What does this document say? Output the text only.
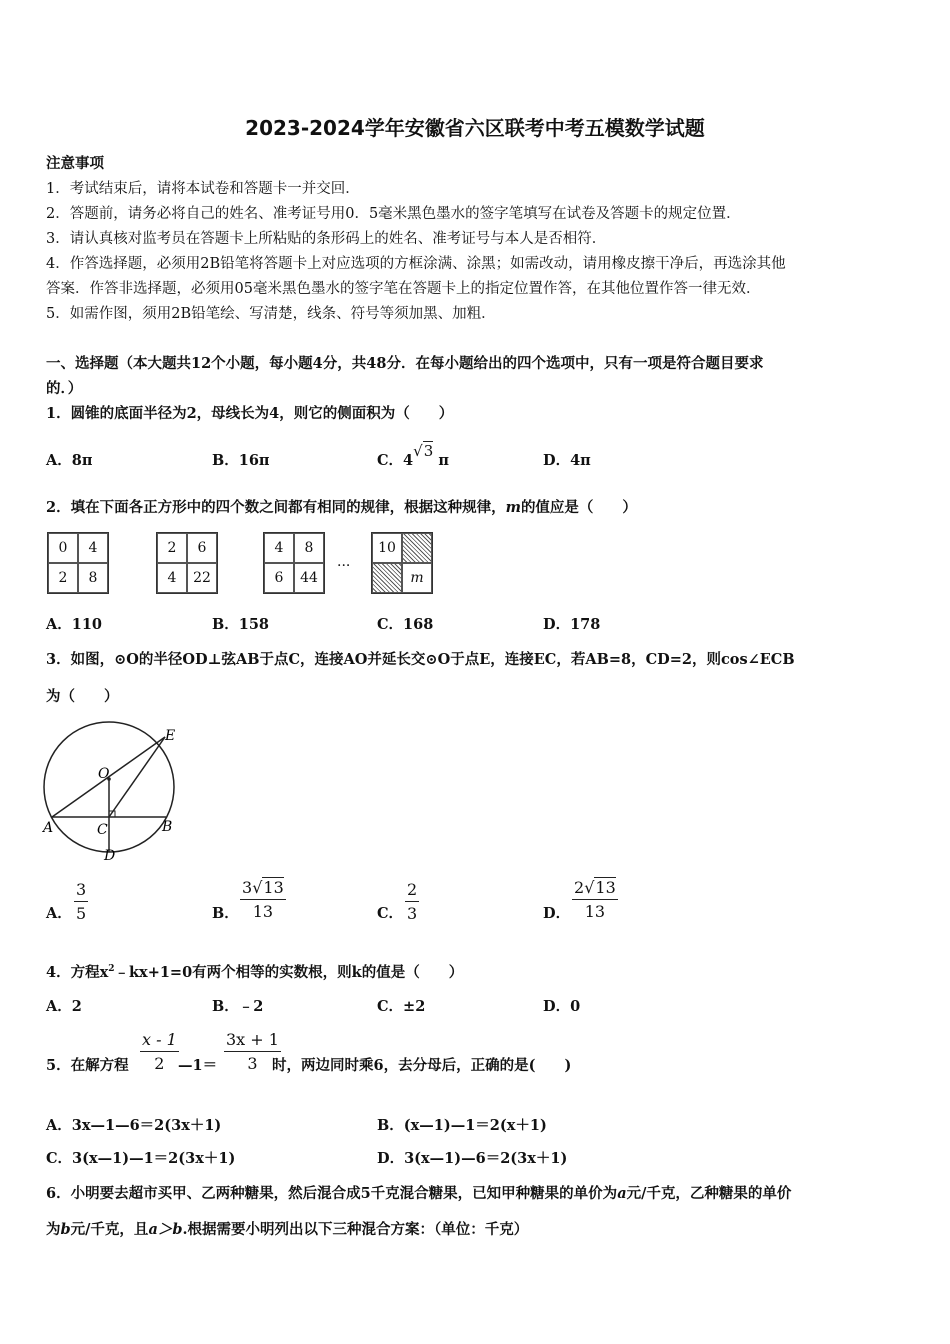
2023-2024学年安徽省六区联考中考五模数学试题
注意事项
1．考试结束后，请将本试卷和答题卡一并交回．
2．答题前，请务必将自己的姓名、准考证号用0．5毫米黑色墨水的签字笔填写在试卷及答题卡的规定位置．
3．请认真核对监考员在答题卡上所粘贴的条形码上的姓名、准考证号与本人是否相符．
4．作答选择题，必须用2B铅笔将答题卡上对应选项的方框涂满、涂黑；如需改动，请用橡皮擦干净后，再选涂其他
答案．作答非选择题，必须用05毫米黑色墨水的签字笔在答题卡上的指定位置作答，在其他位置作答一律无效．
5．如需作图，须用2B铅笔绘、写清楚，线条、符号等须加黑、加粗．
一、选择题（本大题共12个小题，每小题4分，共48分．在每小题给出的四个选项中，只有一项是符合题目要求
的．）
1．圆锥的底面半径为2，母线长为4，则它的侧面积为（　　）
A．8π	B．16π	C．4√3 π	D．4π
2．填在下面各正方形中的四个数之间都有相同的规律，根据这种规律，m的值应是（　　）
0	4
2	8
2	6
4	22
4	8
6	44
···
10
m
A．110	B．158	C．168	D．178
3．如图，⊙O的半径OD⊥弦AB于点C，连接AO并延长交⊙O于点E，连接EC，若AB=8，CD=2，则cos∠ECB
为（　　）
O
E
A	B
C
D
A． $\frac{3}{5}$	B． $\frac{3√13}{13}$	C． $\frac{2}{3}$	D． $\frac{2√13}{13}$
4．方程$x^2﹣kx+1=0$有两个相等的实数根，则k的值是（　　）
A．2	B．﹣2	C．±2	D．0
5．在解方程 $\frac{x - 1}{2}$ —1＝ $\frac{3x + 1}{3}$
时，两边同时乘6，去分母后，正确的是(　　)
A．3x—1—6＝2(3x＋1)	B．(x—1)—1＝2(x＋1)
C．3(x—1)—1＝2(3x＋1)	D．3(x—1)—6＝2(3x＋1)
6．小明要去超市买甲、乙两种糖果，然后混合成5千克混合糖果，已知甲种糖果的单价为a元/千克，乙种糖果的单价
为b元/千克，且a＞b.根据需要小明列出以下三种混合方案：（单位：千克）
